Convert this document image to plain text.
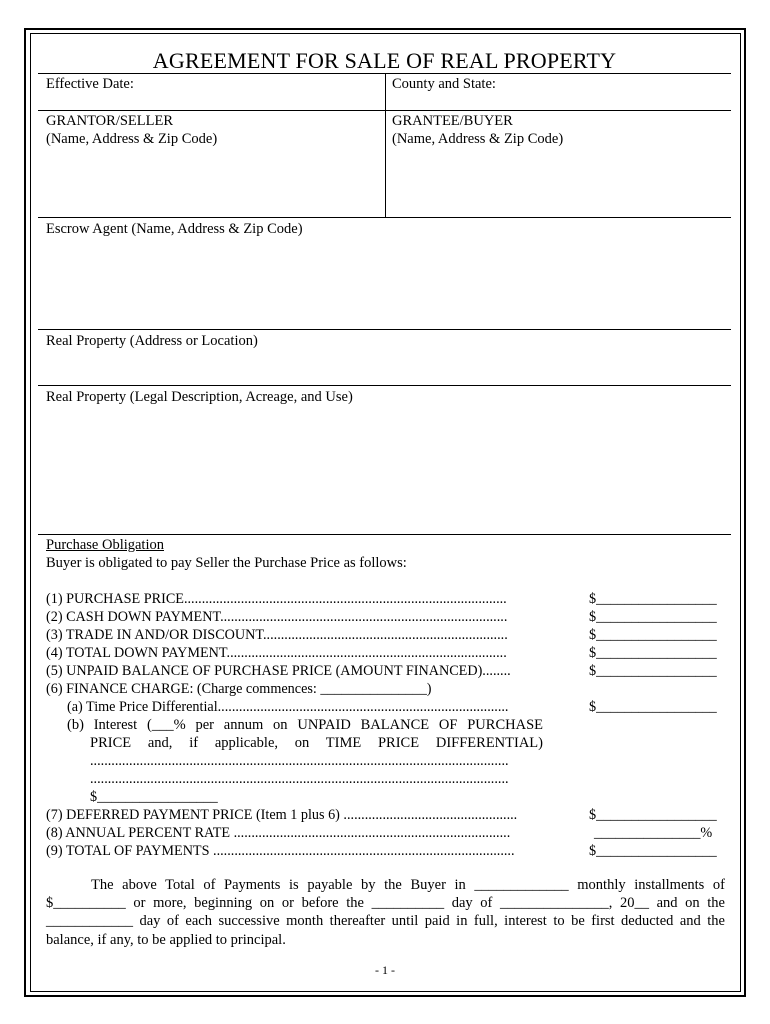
AGREEMENT FOR SALE OF REAL PROPERTY
Effective Date:	County and State:
GRANTOR/SELLER
(Name, Address & Zip Code)
GRANTEE/BUYER
(Name, Address & Zip Code)
Escrow Agent (Name, Address & Zip Code)
Real Property (Address or Location)
Real Property (Legal Description, Acreage, and Use)
Purchase Obligation
Buyer is obligated to pay Seller the Purchase Price as follows:
(1) PURCHASE PRICE...........................................................................................	$_________________
(2) CASH DOWN PAYMENT.................................................................................	$_________________
(3) TRADE IN AND/OR DISCOUNT.....................................................................	$_________________
(4) TOTAL DOWN PAYMENT...............................................................................	$_________________
(5) UNPAID BALANCE OF PURCHASE PRICE (AMOUNT FINANCED)........	$_________________
(6) FINANCE CHARGE: (Charge commences: _______________)
(a) Time Price Differential..................................................................................	$_________________
(b) Interest (___% per annum on UNPAID BALANCE OF PURCHASE
PRICE and, if applicable, on TIME PRICE DIFFERENTIAL)
......................................................................................................................
......................................................................................................................
$_________________
(7) DEFERRED PAYMENT PRICE (Item 1 plus 6) .................................................	$_________________
(8) ANNUAL PERCENT RATE ..............................................................................	_______________%
(9) TOTAL OF PAYMENTS .....................................................................................	$_________________
The above Total of Payments is payable by the Buyer in _____________ monthly installments of $__________ or more, beginning on or before the __________ day of _______________, 20__ and on the ____________ day of each successive month thereafter until paid in full, interest to be first deducted and the balance, if any, to be applied to principal.
- 1 -
